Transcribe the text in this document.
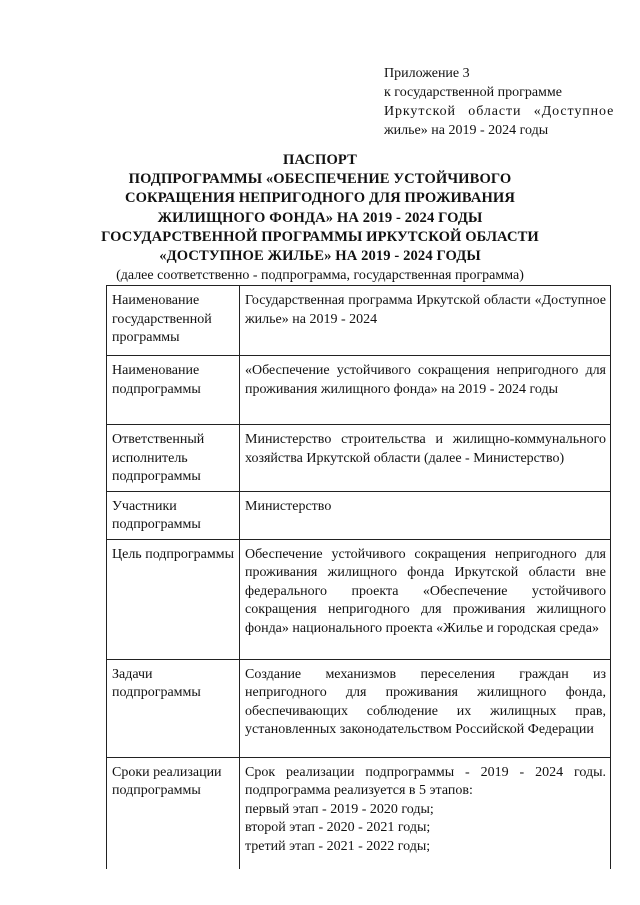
Приложение 3
к государственной программе
Иркутской области «Доступное
жилье» на 2019 - 2024 годы
ПАСПОРТ
ПОДПРОГРАММЫ «ОБЕСПЕЧЕНИЕ УСТОЙЧИВОГО
СОКРАЩЕНИЯ НЕПРИГОДНОГО ДЛЯ ПРОЖИВАНИЯ
ЖИЛИЩНОГО ФОНДА» НА 2019 - 2024 ГОДЫ
ГОСУДАРСТВЕННОЙ ПРОГРАММЫ ИРКУТСКОЙ ОБЛАСТИ
«ДОСТУПНОЕ ЖИЛЬЕ» НА 2019 - 2024 ГОДЫ
(далее соответственно - подпрограмма, государственная программа)
Наименование государственной программы	Государственная программа Иркутской области «Доступное жилье» на 2019 - 2024
Наименование подпрограммы	«Обеспечение устойчивого сокращения непригодного для проживания жилищного фонда» на 2019 - 2024 годы
Ответственный исполнитель подпрограммы	Министерство строительства и жилищно-коммунального хозяйства Иркутской области (далее - Министерство)
Участники подпрограммы	Министерство
Цель подпрограммы	Обеспечение устойчивого сокращения непригодного для проживания жилищного фонда Иркутской области вне федерального проекта «Обеспечение устойчивого сокращения непригодного для проживания жилищного фонда» национального проекта «Жилье и городская среда»
Задачи подпрограммы	Создание механизмов переселения граждан из непригодного для проживания жилищного фонда, обеспечивающих соблюдение их жилищных прав, установленных законодательством Российской Федерации
Сроки реализации подпрограммы	Срок реализации подпрограммы - 2019 - 2024 годы. подпрограмма реализуется в 5 этапов:
первый этап - 2019 - 2020 годы;
второй этап - 2020 - 2021 годы;
третий этап - 2021 - 2022 годы;
